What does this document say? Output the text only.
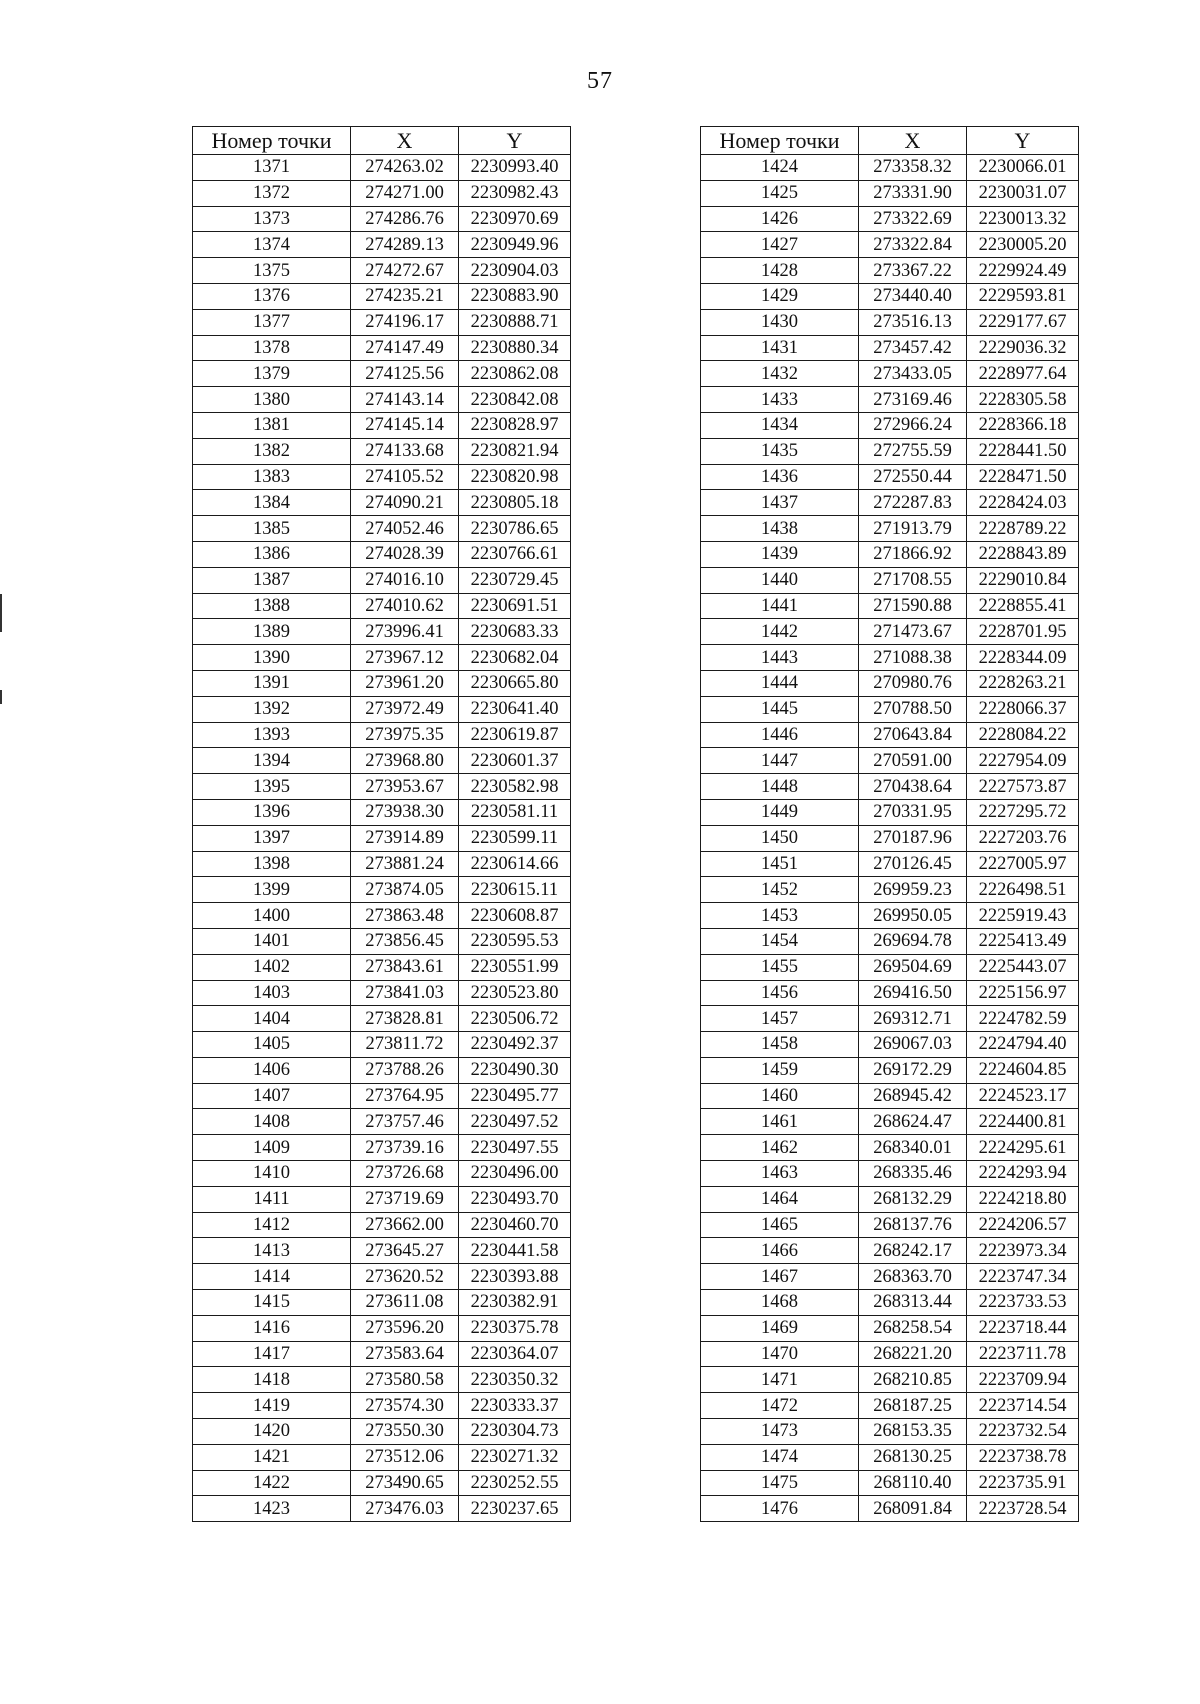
57
Номер точки	X	Y
1371	274263.02	2230993.40
1372	274271.00	2230982.43
1373	274286.76	2230970.69
1374	274289.13	2230949.96
1375	274272.67	2230904.03
1376	274235.21	2230883.90
1377	274196.17	2230888.71
1378	274147.49	2230880.34
1379	274125.56	2230862.08
1380	274143.14	2230842.08
1381	274145.14	2230828.97
1382	274133.68	2230821.94
1383	274105.52	2230820.98
1384	274090.21	2230805.18
1385	274052.46	2230786.65
1386	274028.39	2230766.61
1387	274016.10	2230729.45
1388	274010.62	2230691.51
1389	273996.41	2230683.33
1390	273967.12	2230682.04
1391	273961.20	2230665.80
1392	273972.49	2230641.40
1393	273975.35	2230619.87
1394	273968.80	2230601.37
1395	273953.67	2230582.98
1396	273938.30	2230581.11
1397	273914.89	2230599.11
1398	273881.24	2230614.66
1399	273874.05	2230615.11
1400	273863.48	2230608.87
1401	273856.45	2230595.53
1402	273843.61	2230551.99
1403	273841.03	2230523.80
1404	273828.81	2230506.72
1405	273811.72	2230492.37
1406	273788.26	2230490.30
1407	273764.95	2230495.77
1408	273757.46	2230497.52
1409	273739.16	2230497.55
1410	273726.68	2230496.00
1411	273719.69	2230493.70
1412	273662.00	2230460.70
1413	273645.27	2230441.58
1414	273620.52	2230393.88
1415	273611.08	2230382.91
1416	273596.20	2230375.78
1417	273583.64	2230364.07
1418	273580.58	2230350.32
1419	273574.30	2230333.37
1420	273550.30	2230304.73
1421	273512.06	2230271.32
1422	273490.65	2230252.55
1423	273476.03	2230237.65
Номер точки	X	Y
1424	273358.32	2230066.01
1425	273331.90	2230031.07
1426	273322.69	2230013.32
1427	273322.84	2230005.20
1428	273367.22	2229924.49
1429	273440.40	2229593.81
1430	273516.13	2229177.67
1431	273457.42	2229036.32
1432	273433.05	2228977.64
1433	273169.46	2228305.58
1434	272966.24	2228366.18
1435	272755.59	2228441.50
1436	272550.44	2228471.50
1437	272287.83	2228424.03
1438	271913.79	2228789.22
1439	271866.92	2228843.89
1440	271708.55	2229010.84
1441	271590.88	2228855.41
1442	271473.67	2228701.95
1443	271088.38	2228344.09
1444	270980.76	2228263.21
1445	270788.50	2228066.37
1446	270643.84	2228084.22
1447	270591.00	2227954.09
1448	270438.64	2227573.87
1449	270331.95	2227295.72
1450	270187.96	2227203.76
1451	270126.45	2227005.97
1452	269959.23	2226498.51
1453	269950.05	2225919.43
1454	269694.78	2225413.49
1455	269504.69	2225443.07
1456	269416.50	2225156.97
1457	269312.71	2224782.59
1458	269067.03	2224794.40
1459	269172.29	2224604.85
1460	268945.42	2224523.17
1461	268624.47	2224400.81
1462	268340.01	2224295.61
1463	268335.46	2224293.94
1464	268132.29	2224218.80
1465	268137.76	2224206.57
1466	268242.17	2223973.34
1467	268363.70	2223747.34
1468	268313.44	2223733.53
1469	268258.54	2223718.44
1470	268221.20	2223711.78
1471	268210.85	2223709.94
1472	268187.25	2223714.54
1473	268153.35	2223732.54
1474	268130.25	2223738.78
1475	268110.40	2223735.91
1476	268091.84	2223728.54
